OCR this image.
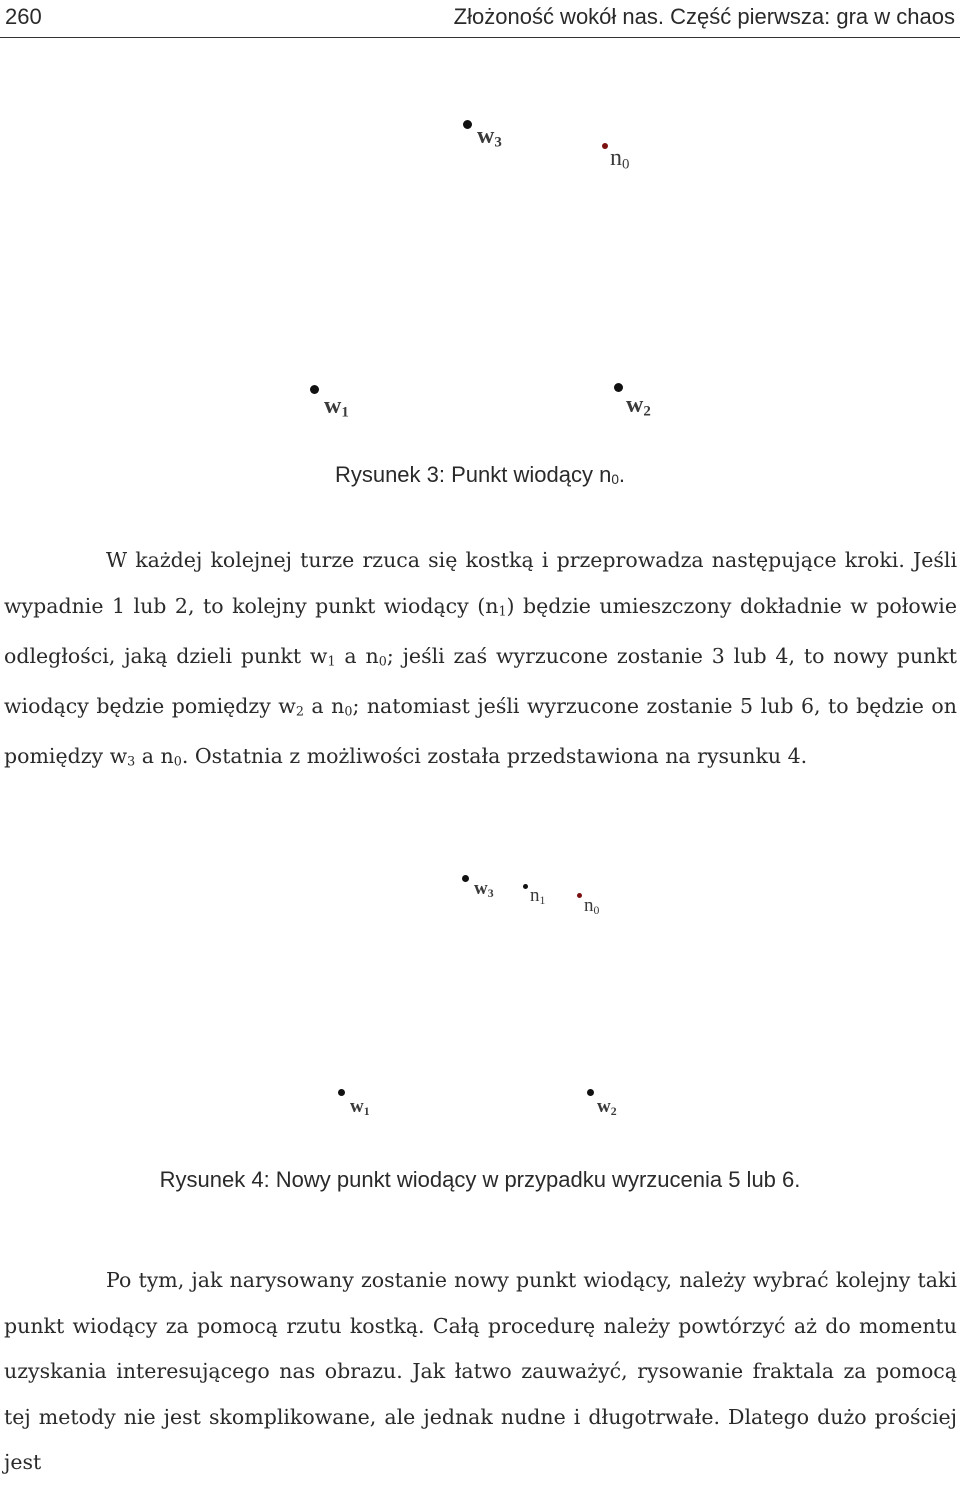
260	Złożoność wokół nas. Część pierwsza: gra w chaos
$w_3$
$n_0$
$w_1$	$w_2$
Rysunek 3: Punkt wiodący $n_0$.
W każdej kolejnej turze rzuca się kostką i przeprowadza następujące kroki. Jeśli wypadnie 1 lub 2, to kolejny punkt wiodący $(n_1)$ będzie umieszczony dokładnie w połowie odległości, jaką dzieli punkt $w_1$ a $n_0$; jeśli zaś wyrzucone zostanie 3 lub 4, to nowy punkt wiodący będzie pomiędzy $w_2$ a $n_0$; natomiast jeśli wyrzucone zostanie 5 lub 6, to będzie on pomiędzy $w_3$ a $n_0$. Ostatnia z możliwości została przedstawiona na rysunku 4.
$w_3$ $n_1$ $n_0$
$w_1$	$w_2$
Rysunek 4: Nowy punkt wiodący w przypadku wyrzucenia 5 lub 6.
Po tym, jak narysowany zostanie nowy punkt wiodący, należy wybrać kolejny taki punkt wiodący za pomocą rzutu kostką. Całą procedurę należy powtórzyć aż do momentu uzyskania interesującego nas obrazu. Jak łatwo zauważyć, rysowanie fraktala za pomocą tej metody nie jest skomplikowane, ale jednak nudne i długotrwałe. Dlatego dużo prościej jest
